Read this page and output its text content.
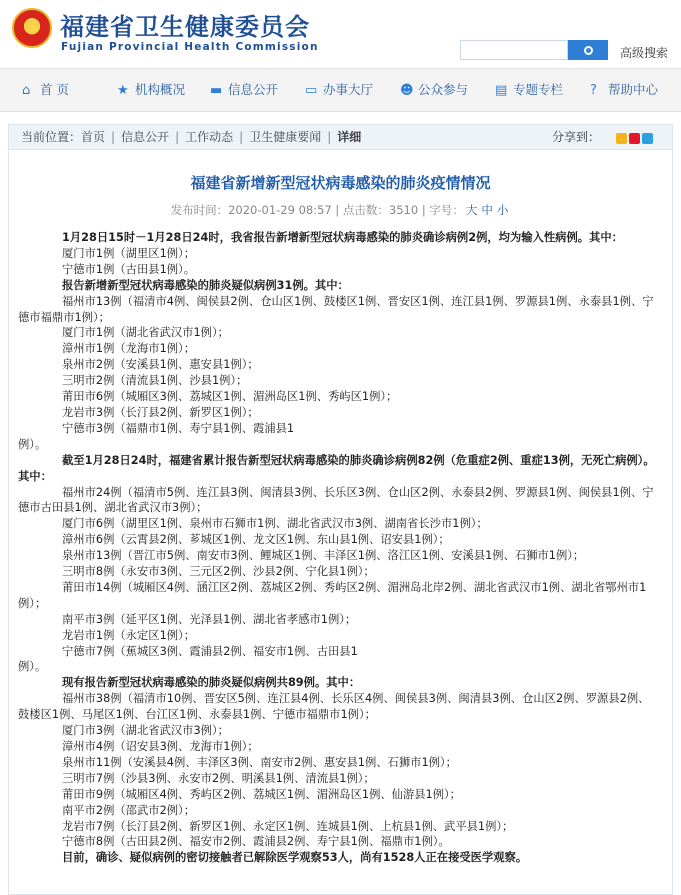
★ 福建省卫生健康委员会
Fujian Provincial Health Commission	高级搜索
⌂ 首 页	★ 机构概况 ▬ 信息公开 ▭ 办事大厅 ☻ 公众参与 ▤ 专题专栏 ? 帮助中心
当前位置：首页 | 信息公开 | 工作动态 | 卫生健康要闻 | 详细	分享到：
福建省新增新型冠状病毒感染的肺炎疫情情况
发布时间：2020-01-29 08:57 | 点击数：3510 | 字号： 大 中 小

1月28日15时－1月28日24时，我省报告新增新型冠状病毒感染的肺炎确诊病例2例，均为输入性病例。其中：

厦门市1例（湖里区1例）；

宁德市1例（古田县1例）。

报告新增新型冠状病毒感染的肺炎疑似病例31例。其中：

福州市13例（福清市4例、闽侯县2例、仓山区1例、鼓楼区1例、晋安区1例、连江县1例、罗源县1例、永泰县1例、宁德市福鼎市1例）；

厦门市1例（湖北省武汉市1例）；

漳州市1例（龙海市1例）；

泉州市2例（安溪县1例、惠安县1例）；

三明市2例（清流县1例、沙县1例）；

莆田市6例（城厢区3例、荔城区1例、湄洲岛区1例、秀屿区1例）；

龙岩市3例（长汀县2例、新罗区1例）；

宁德市3例（福鼎市1例、寿宁县1例、霞浦县1

例）。

截至1月28日24时，福建省累计报告新型冠状病毒感染的肺炎确诊病例82例（危重症2例、重症13例，无死亡病例）。其中：

福州市24例（福清市5例、连江县3例、闽清县3例、长乐区3例、仓山区2例、永泰县2例、罗源县1例、闽侯县1例、宁德市古田县1例、湖北省武汉市3例）；

厦门市6例（湖里区1例、泉州市石狮市1例、湖北省武汉市3例、湖南省长沙市1例）；

漳州市6例（云霄县2例、芗城区1例、龙文区1例、东山县1例、诏安县1例）；

泉州市13例（晋江市5例、南安市3例、鲤城区1例、丰泽区1例、洛江区1例、安溪县1例、石狮市1例）；

三明市8例（永安市3例、三元区2例、沙县2例、宁化县1例）；

莆田市14例（城厢区4例、涵江区2例、荔城区2例、秀屿区2例、湄洲岛北岸2例、湖北省武汉市1例、湖北省鄂州市1例）；

南平市3例（延平区1例、光泽县1例、湖北省孝感市1例）；

龙岩市1例（永定区1例）；

宁德市7例（蕉城区3例、霞浦县2例、福安市1例、古田县1

例）。

现有报告新型冠状病毒感染的肺炎疑似病例共89例。其中：

福州市38例（福清市10例、晋安区5例、连江县4例、长乐区4例、闽侯县3例、闽清县3例、仓山区2例、罗源县2例、鼓楼区1例、马尾区1例、台江区1例、永泰县1例、宁德市福鼎市1例）；

厦门市3例（湖北省武汉市3例）；

漳州市4例（诏安县3例、龙海市1例）；

泉州市11例（安溪县4例、丰泽区3例、南安市2例、惠安县1例、石狮市1例）；

三明市7例（沙县3例、永安市2例、明溪县1例、清流县1例）；

莆田市9例（城厢区4例、秀屿区2例、荔城区1例、湄洲岛区1例、仙游县1例）；

南平市2例（邵武市2例）；

龙岩市7例（长汀县2例、新罗区1例、永定区1例、连城县1例、上杭县1例、武平县1例）；

宁德市8例（古田县2例、福安市2例、霞浦县2例、寿宁县1例、福鼎市1例）。

目前，确诊、疑似病例的密切接触者已解除医学观察53人，尚有1528人正在接受医学观察。
